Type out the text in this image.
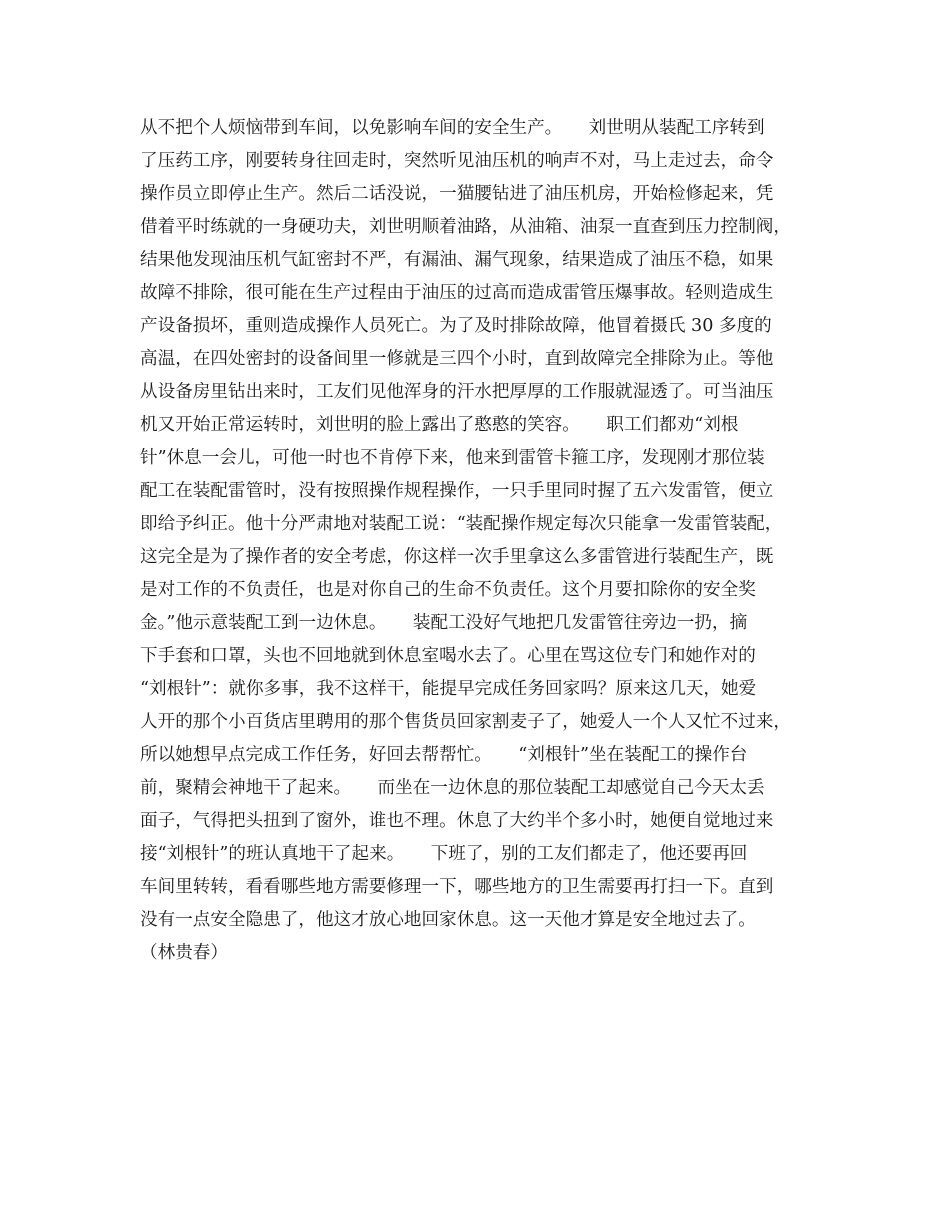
从不把个人烦恼带到车间，以免影响车间的安全生产。　　刘世明从装配工序转到
了压药工序，刚要转身往回走时，突然听见油压机的响声不对，马上走过去，命令
操作员立即停止生产。然后二话没说，一猫腰钻进了油压机房，开始检修起来，凭
借着平时练就的一身硬功夫，刘世明顺着油路，从油箱、油泵一直查到压力控制阀，
结果他发现油压机气缸密封不严，有漏油、漏气现象，结果造成了油压不稳，如果
故障不排除，很可能在生产过程由于油压的过高而造成雷管压爆事故。轻则造成生
产设备损坏，重则造成操作人员死亡。为了及时排除故障，他冒着摄氏 30 多度的
高温，在四处密封的设备间里一修就是三四个小时，直到故障完全排除为止。等他
从设备房里钻出来时，工友们见他浑身的汗水把厚厚的工作服就湿透了。可当油压
机又开始正常运转时，刘世明的脸上露出了憨憨的笑容。　　职工们都劝“刘根
针”休息一会儿，可他一时也不肯停下来，他来到雷管卡箍工序，发现刚才那位装
配工在装配雷管时，没有按照操作规程操作，一只手里同时握了五六发雷管，便立
即给予纠正。他十分严肃地对装配工说：“装配操作规定每次只能拿一发雷管装配，
这完全是为了操作者的安全考虑，你这样一次手里拿这么多雷管进行装配生产，既
是对工作的不负责任，也是对你自己的生命不负责任。这个月要扣除你的安全奖
金。”他示意装配工到一边休息。　　装配工没好气地把几发雷管往旁边一扔，摘
下手套和口罩，头也不回地就到休息室喝水去了。心里在骂这位专门和她作对的
“刘根针”：就你多事，我不这样干，能提早完成任务回家吗？原来这几天，她爱
人开的那个小百货店里聘用的那个售货员回家割麦子了，她爱人一个人又忙不过来，
所以她想早点完成工作任务，好回去帮帮忙。　　“刘根针”坐在装配工的操作台
前，聚精会神地干了起来。　　而坐在一边休息的那位装配工却感觉自己今天太丢
面子，气得把头扭到了窗外，谁也不理。休息了大约半个多小时，她便自觉地过来
接“刘根针”的班认真地干了起来。　　下班了，别的工友们都走了，他还要再回
车间里转转，看看哪些地方需要修理一下，哪些地方的卫生需要再打扫一下。直到
没有一点安全隐患了，他这才放心地回家休息。这一天他才算是安全地过去了。
（林贵春）
